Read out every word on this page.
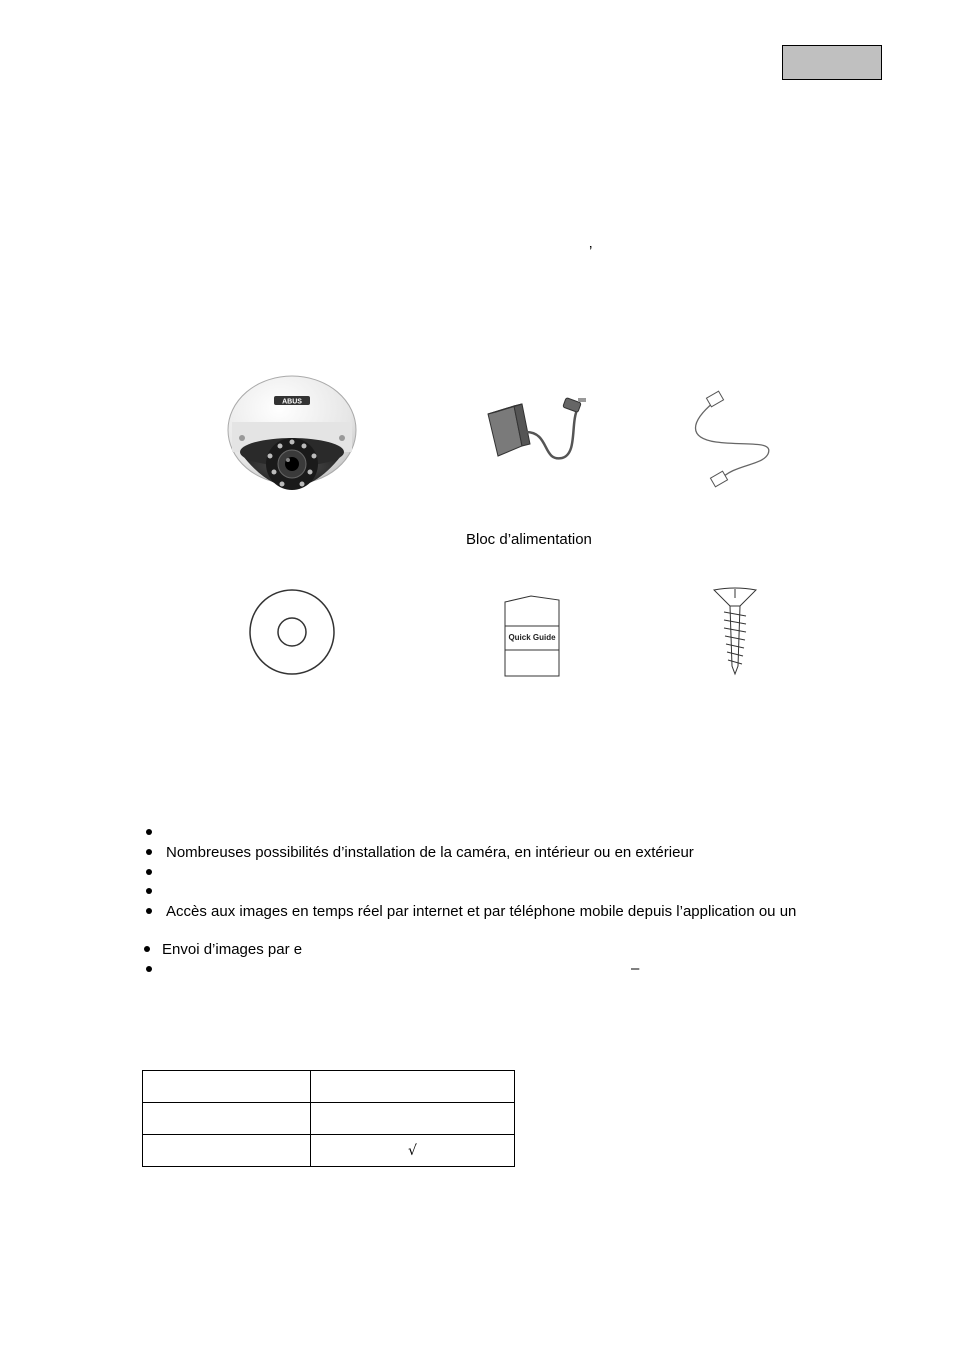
’
ABUS
Bloc d’alimentation
Quick Guide
Nombreuses possibilités d’installation de la caméra, en intérieur ou en extérieur
Accès aux images en temps réel par internet et par téléphone mobile depuis l’application ou un
Envoi d’images par e
–

	√
